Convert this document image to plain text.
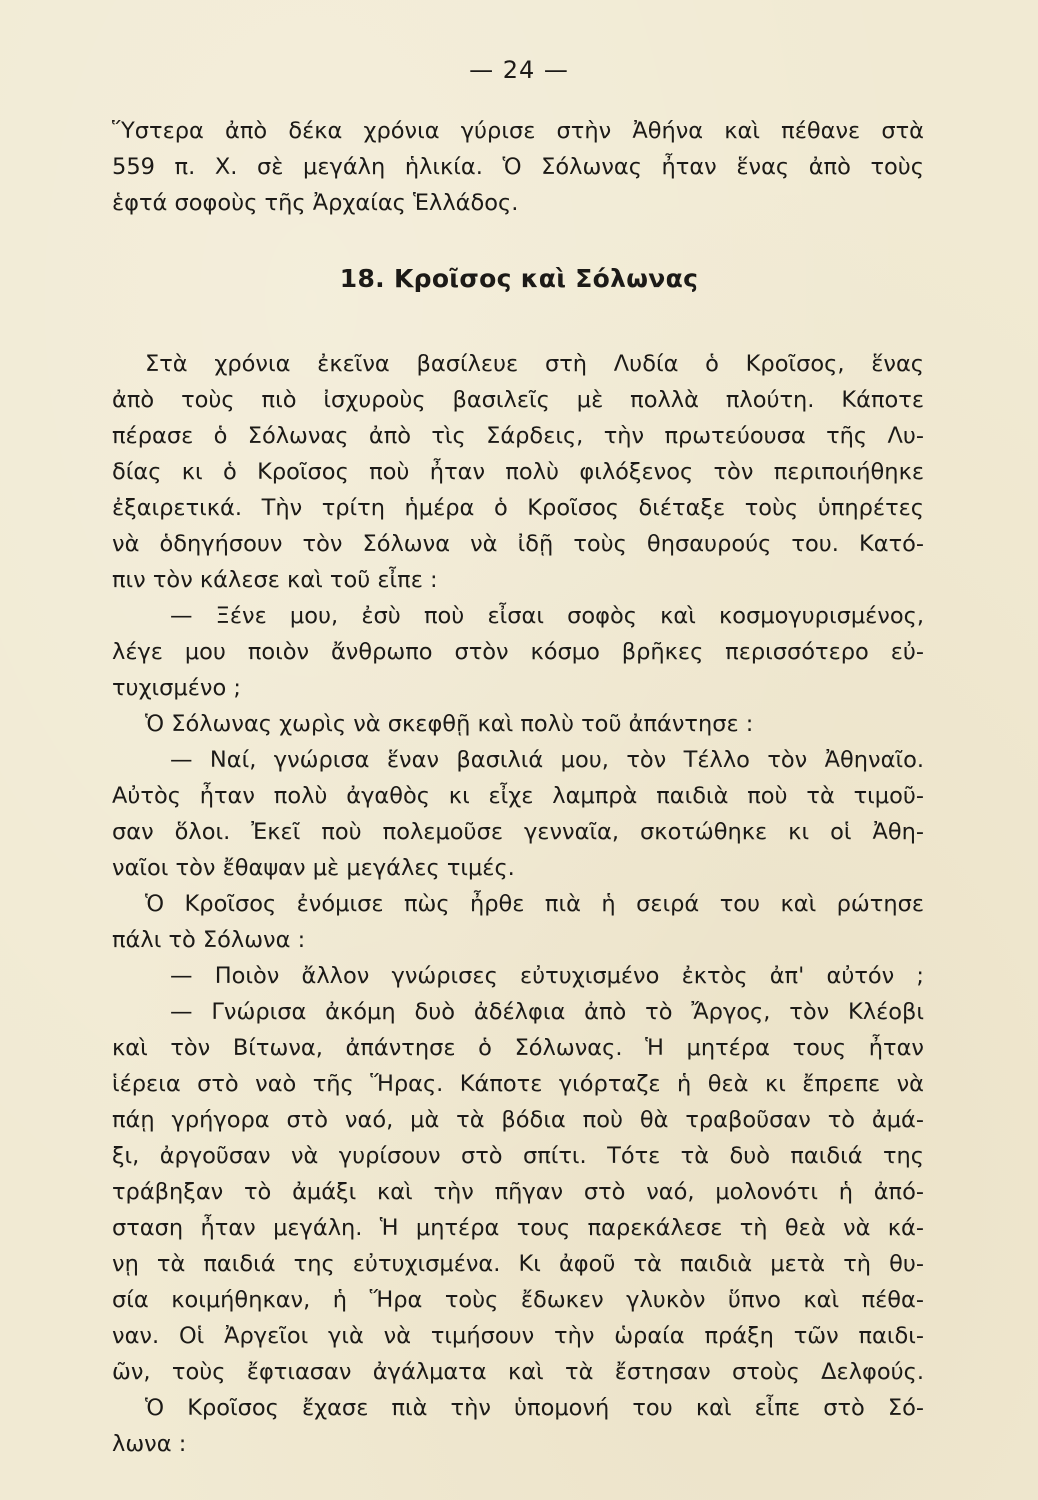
— 24 —
Ὕστερα ἀπὸ δέκα χρόνια γύρισε στὴν Ἀθήνα καὶ πέθανε στὰ
559 π. Χ. σὲ μεγάλη ἡλικία. Ὁ Σόλωνας ἦταν ἕνας ἀπὸ τοὺς
ἑφτά σοφοὺς τῆς Ἀρχαίας Ἑλλάδος.
18. Κροῖσος καὶ Σόλωνας
Στὰ χρόνια ἐκεῖνα βασίλευε στὴ Λυδία ὁ Κροῖσος, ἕνας
ἀπὸ τοὺς πιὸ ἰσχυροὺς βασιλεῖς μὲ πολλὰ πλούτη. Κάποτε
πέρασε ὁ Σόλωνας ἀπὸ τὶς Σάρδεις, τὴν πρωτεύουσα τῆς Λυ-
δίας κι ὁ Κροῖσος ποὺ ἦταν πολὺ φιλόξενος τὸν περιποιήθηκε
ἐξαιρετικά. Τὴν τρίτη ἡμέρα ὁ Κροῖσος διέταξε τοὺς ὑπηρέτες
νὰ ὁδηγήσουν τὸν Σόλωνα νὰ ἰδῇ τοὺς θησαυρούς του. Κατό-
πιν τὸν κάλεσε καὶ τοῦ εἶπε :
— Ξένε μου, ἐσὺ ποὺ εἶσαι σοφὸς καὶ κοσμογυρισμένος,
λέγε μου ποιὸν ἄνθρωπο στὸν κόσμο βρῆκες περισσότερο εὐ-
τυχισμένο ;
Ὁ Σόλωνας χωρὶς νὰ σκεφθῇ καὶ πολὺ τοῦ ἀπάντησε :
— Ναί, γνώρισα ἕναν βασιλιά μου, τὸν Τέλλο τὸν Ἀθηναῖο.
Αὐτὸς ἦταν πολὺ ἀγαθὸς κι εἶχε λαμπρὰ παιδιὰ ποὺ τὰ τιμοῦ-
σαν ὅλοι. Ἐκεῖ ποὺ πολεμοῦσε γενναῖα, σκοτώθηκε κι οἱ Ἀθη-
ναῖοι τὸν ἔθαψαν μὲ μεγάλες τιμές.
Ὁ Κροῖσος ἐνόμισε πὼς ἦρθε πιὰ ἡ σειρά του καὶ ρώτησε
πάλι τὸ Σόλωνα :
— Ποιὸν ἄλλον γνώρισες εὐτυχισμένο ἐκτὸς ἀπ' αὐτόν ;
— Γνώρισα ἀκόμη δυὸ ἀδέλφια ἀπὸ τὸ Ἄργος, τὸν Κλέοβι
καὶ τὸν Βίτωνα, ἀπάντησε ὁ Σόλωνας. Ἡ μητέρα τους ἦταν
ἱέρεια στὸ ναὸ τῆς Ἥρας. Κάποτε γιόρταζε ἡ θεὰ κι ἔπρεπε νὰ
πάῃ γρήγορα στὸ ναό, μὰ τὰ βόδια ποὺ θὰ τραβοῦσαν τὸ ἀμά-
ξι, ἀργοῦσαν νὰ γυρίσουν στὸ σπίτι. Τότε τὰ δυὸ παιδιά της
τράβηξαν τὸ ἀμάξι καὶ τὴν πῆγαν στὸ ναό, μολονότι ἡ ἀπό-
σταση ἦταν μεγάλη. Ἡ μητέρα τους παρεκάλεσε τὴ θεὰ νὰ κά-
νῃ τὰ παιδιά της εὐτυχισμένα. Κι ἀφοῦ τὰ παιδιὰ μετὰ τὴ θυ-
σία κοιμήθηκαν, ἡ Ἥρα τοὺς ἔδωκεν γλυκὸν ὕπνο καὶ πέθα-
ναν. Οἱ Ἀργεῖοι γιὰ νὰ τιμήσουν τὴν ὡραία πράξη τῶν παιδι-
ῶν, τοὺς ἔφτιασαν ἀγάλματα καὶ τὰ ἔστησαν στοὺς Δελφούς.
Ὁ Κροῖσος ἔχασε πιὰ τὴν ὑπομονή του καὶ εἶπε στὸ Σό-
λωνα :
